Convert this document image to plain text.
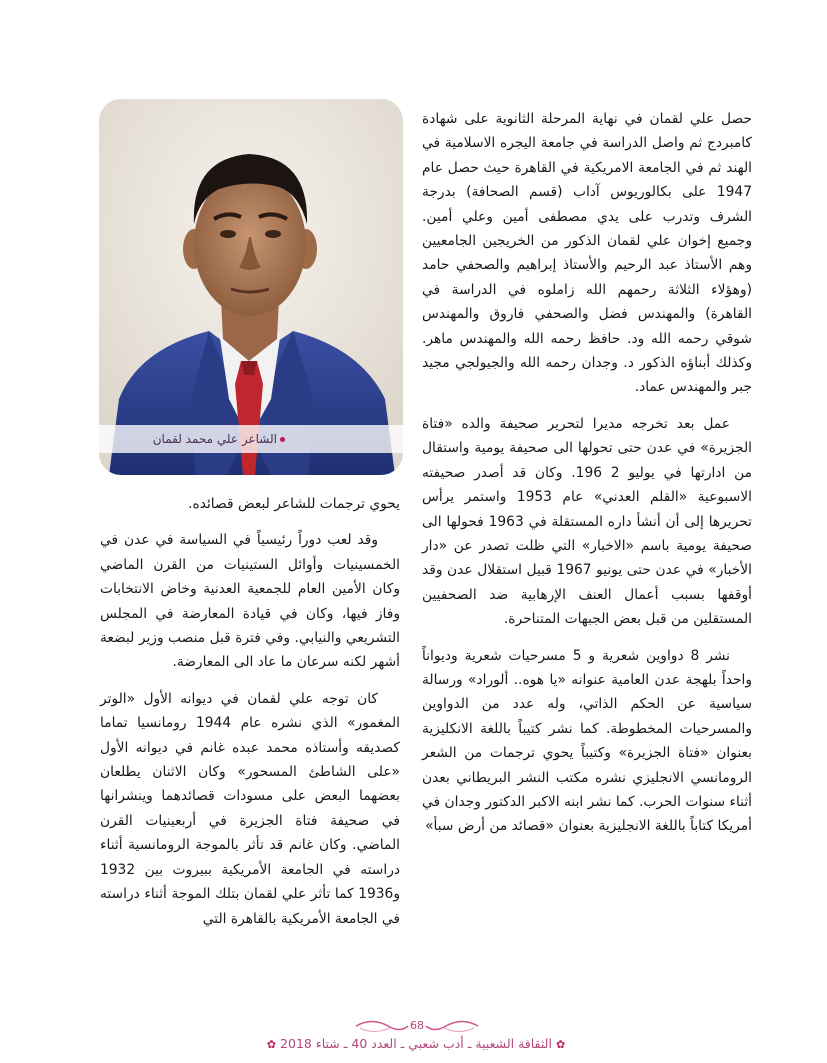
حصل علي لقمان في نهاية المرحلة الثانوية على شهادة كامبردج ثم واصل الدراسة في جامعة اليجره الاسلامية في الهند ثم في الجامعة الامريكية في القاهرة حيث حصل عام 1947 على بكالوريوس آداب (قسم الصحافة) بدرجة الشرف وتدرب على يدي مصطفى أمين وعلي أمين. وجميع إخوان علي لقمان الذكور من الخريجين الجامعيين وهم الأستاذ عبد الرحيم والأستاذ إبراهيم والصحفي حامد (وهؤلاء الثلاثة رحمهم الله زاملوه في الدراسة في القاهرة) والمهندس فضل والصحفي فاروق والمهندس شوقي رحمه الله ود. حافظ رحمه الله والمهندس ماهر. وكذلك أبناؤه الذكور د. وجدان رحمه الله والجيولجي مجيد جبر والمهندس عماد.

عمل بعد تخرجه مديرا لتحرير صحيفة والده «فتاة الجزيرة» في عدن حتى تحولها الى صحيفة يومية واستقال من ادارتها في يوليو 2 196. وكان قد أصدر صحيفته الاسبوعية «القلم العدني» عام 1953 واستمر يرأس تحريرها إلى أن أنشأ داره المستقلة في 1963 فحولها الى صحيفة يومية باسم «الاخبار» التي ظلت تصدر عن «دار الأخبار» في عدن حتى يونيو 1967 قبيل استقلال عدن وقد أوقفها بسبب أعمال العنف الإرهابية ضد الصحفيين المستقلين من قبل بعض الجبهات المتناحرة.

نشر 8 دواوين شعرية و 5 مسرحيات شعرية وديواناً واحداً بلهجة عدن العامية عنوانه «يا هوه.. ألوراد» ورسالة سياسية عن الحكم الذاتي، وله عدد من الدواوين والمسرحيات المخطوطة. كما نشر كتيباً باللغة الانكليزية بعنوان «فتاة الجزيرة» وكتيباً يحوي ترجمات من الشعر الرومانسي الانجليزي نشره مكتب النشر البريطاني بعدن أثناء سنوات الحرب. كما نشر ابنه الاكبر الدكتور وجدان في أمريكا كتاباً باللغة الانجليزية بعنوان «قصائد من أرض سبأ»

الشاعر علي محمد لقمان

يحوي ترجمات للشاعر لبعض قصائده.

وقد لعب دوراً رئيسياً في السياسة في عدن في الخمسينيات وأوائل الستينيات من القرن الماضي وكان الأمين العام للجمعية العدنية وخاض الانتخابات وفاز فيها، وكان في قيادة المعارضة في المجلس التشريعي والنيابي. وفي فترة قبل منصب وزير لبضعة أشهر لكنه سرعان ما عاد الى المعارضة.

كان توجه علي لقمان في ديوانه الأول «الوتر المغمور» الذي نشره عام 1944 رومانسيا تماما كصديقه وأستاذه محمد عبده غانم في ديوانه الأول «على الشاطئ المسحور» وكان الاثنان يطلعان بعضهما البعض على مسودات قصائدهما وينشرانها في صحيفة فتاة الجزيرة في أربعينيات القرن الماضي. وكان غانم قد تأثر بالموجة الرومانسية أثناء دراسته في الجامعة الأمريكية ببيروت بين 1932 و1936 كما تأثر علي لقمان بتلك الموجة أثناء دراسته في الجامعة الأمريكية بالقاهرة التي

68
✿الثقافة الشعبية ـ أدب شعبي ـ العدد 40 ـ شتاء 2018✿
